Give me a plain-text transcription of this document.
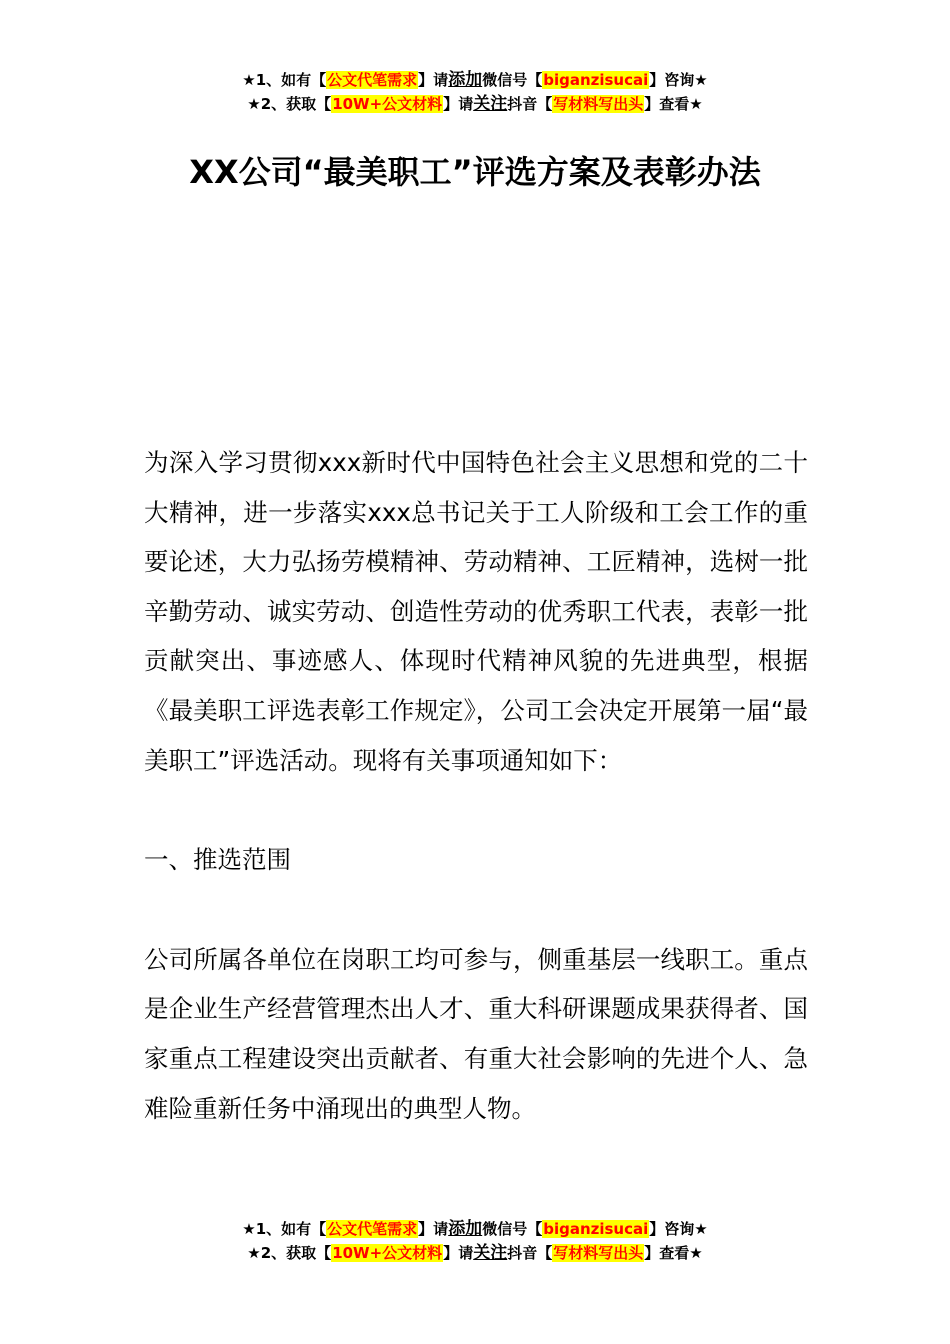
★1、如有【公文代笔需求】请添加微信号【biganzisucai】咨询★
★2、获取【10W+公文材料】请关注抖音【写材料写出头】查看★
XX公司“最美职工”评选方案及表彰办法

为深入学习贯彻xxx新时代中国特色社会主义思想和党的二十大精神，进一步落实xxx总书记关于工人阶级和工会工作的重要论述，大力弘扬劳模精神、劳动精神、工匠精神，选树一批辛勤劳动、诚实劳动、创造性劳动的优秀职工代表，表彰一批贡献突出、事迹感人、体现时代精神风貌的先进典型，根据《最美职工评选表彰工作规定》，公司工会决定开展第一届“最美职工”评选活动。现将有关事项通知如下：

一、推选范围

公司所属各单位在岗职工均可参与，侧重基层一线职工。重点是企业生产经营管理杰出人才、重大科研课题成果获得者、国家重点工程建设突出贡献者、有重大社会影响的先进个人、急难险重新任务中涌现出的典型人物。

★1、如有【公文代笔需求】请添加微信号【biganzisucai】咨询★
★2、获取【10W+公文材料】请关注抖音【写材料写出头】查看★
